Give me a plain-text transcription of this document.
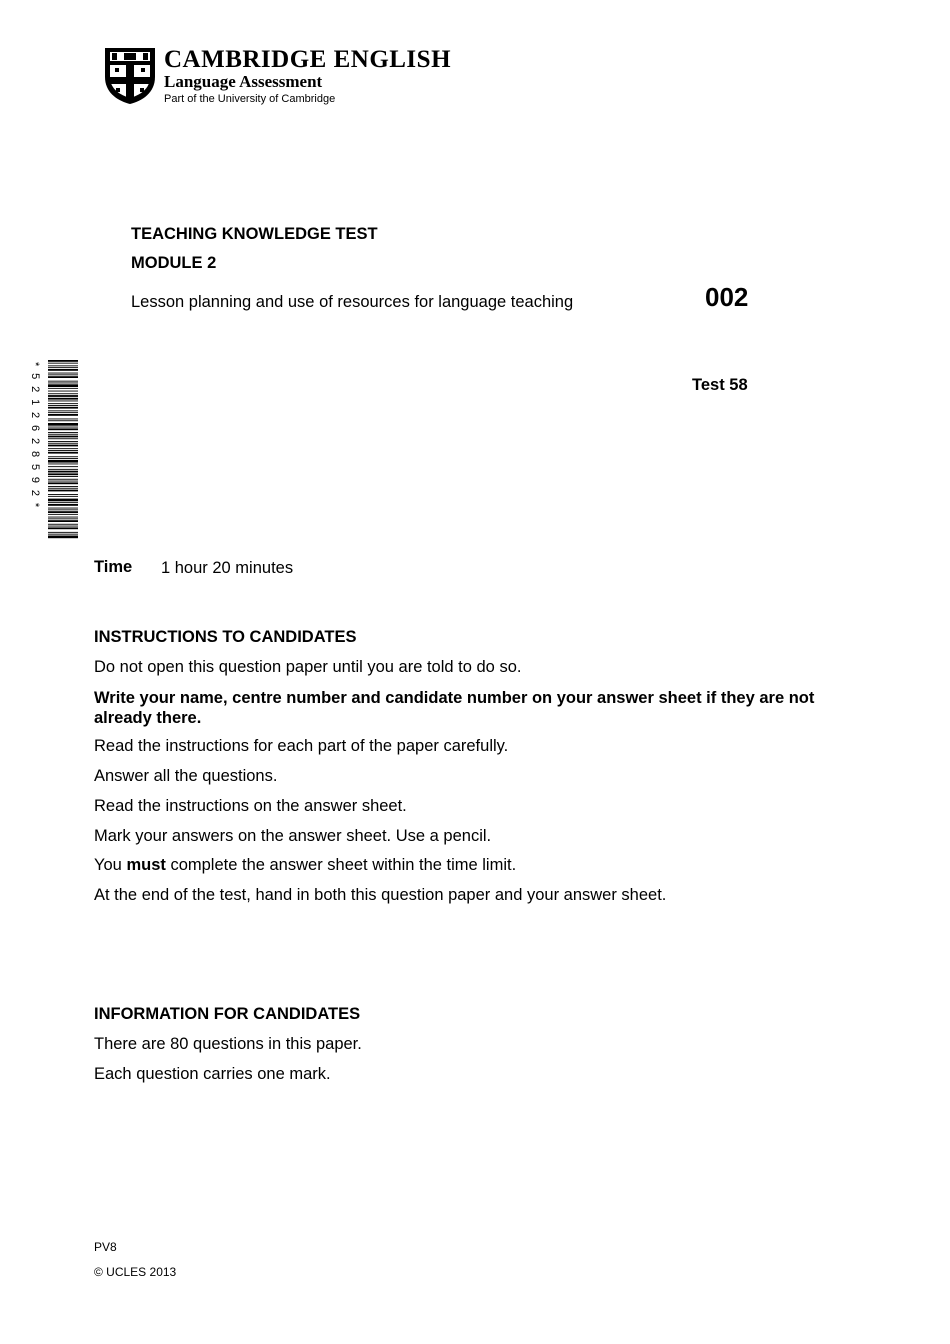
CAMBRIDGE ENGLISH
Language Assessment
Part of the University of Cambridge
TEACHING KNOWLEDGE TEST
MODULE 2
Lesson planning and use of resources for language teaching	002
Test 58
* 5 2 1 2 6 2 8 5 9 2 *
Time 1 hour 20 minutes
INSTRUCTIONS TO CANDIDATES
Do not open this question paper until you are told to do so.
Write your name, centre number and candidate number on your answer sheet if they are not already there.
Read the instructions for each part of the paper carefully.
Answer all the questions.
Read the instructions on the answer sheet.
Mark your answers on the answer sheet. Use a pencil.
You must complete the answer sheet within the time limit.
At the end of the test, hand in both this question paper and your answer sheet.
INFORMATION FOR CANDIDATES
There are 80 questions in this paper.
Each question carries one mark.
PV8
© UCLES 2013
